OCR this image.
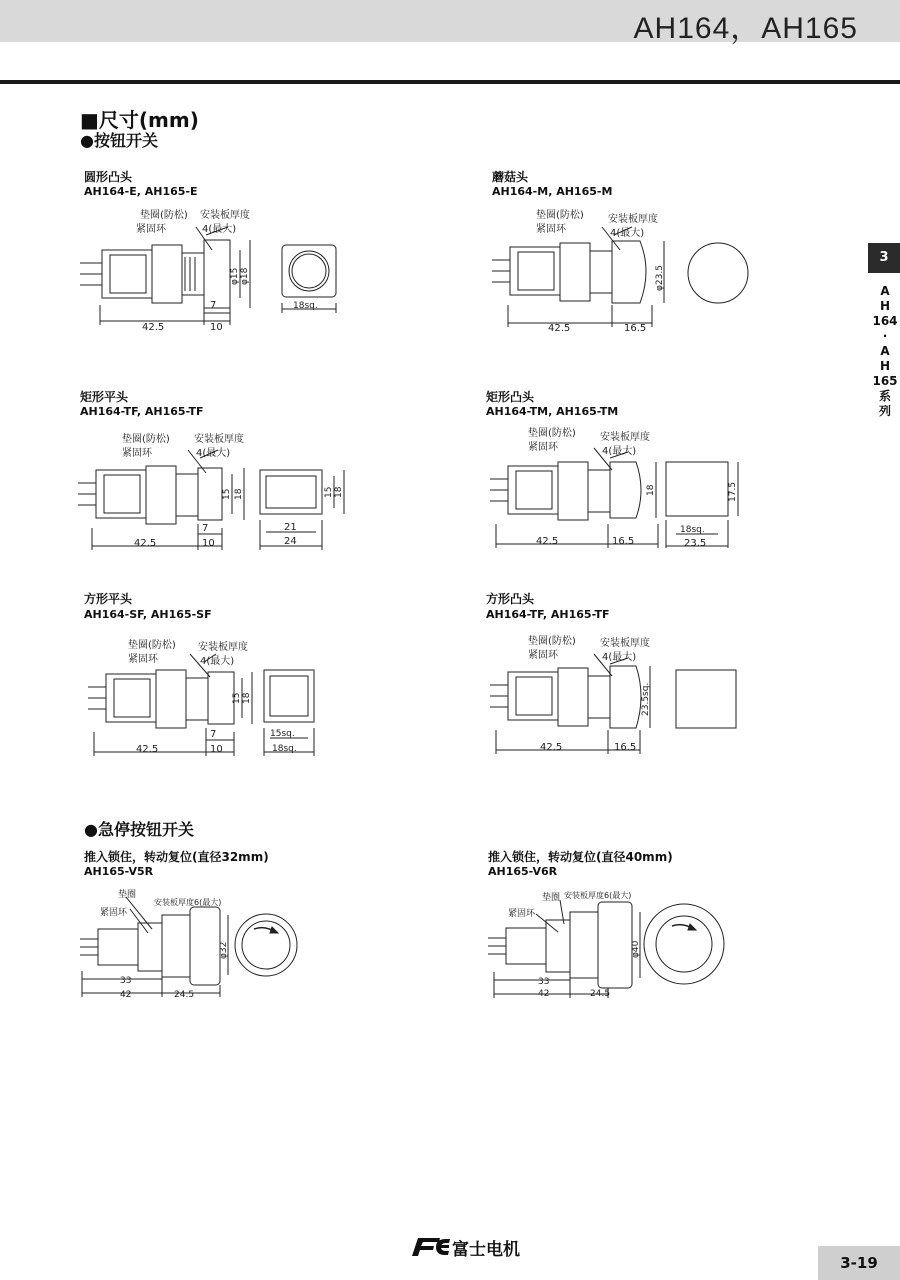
AH164，AH165
■尺寸(mm)
●按钮开关
●急停按钮开关
3
A
H
164
·
A
H
165
系
列
圆形凸头
AH164-E, AH165-E
垫圈(防松)
紧固环
安装板厚度
4(最大)
42.5
7
10
φ15 φ18
18sq.
蘑菇头
AH164-M, AH165-M
垫圈(防松)
紧固环
安装板厚度
4(最大)
42.5	16.5
φ23.5
矩形平头
AH164-TF, AH165-TF
垫圈(防松)
紧固环
安装板厚度
4(最大)
42.5
7
10
15 18
21
24
15 18
矩形凸头
AH164-TM, AH165-TM
垫圈(防松)
紧固环
安装板厚度
4(最大)
42.5	16.5
18
18sq.
23.5
17.5
方形平头
AH164-SF, AH165-SF
垫圈(防松)
紧固环
安装板厚度
4(最大)
42.5
7
10
15 18
15sq.
18sq.
方形凸头
AH164-TF, AH165-TF
垫圈(防松)
紧固环
安装板厚度
4(最大)
42.5	16.5
23.5sq.
推入锁住，转动复位(直径32mm)
AH165-V5R
垫圈
紧固环
安装板厚度6(最大)
33
42	24.5
φ32
推入锁住，转动复位(直径40mm)
AH165-V6R
垫圈
紧固环
安装板厚度6(最大)
33
42	24.5
φ40
富士电机
3-19
